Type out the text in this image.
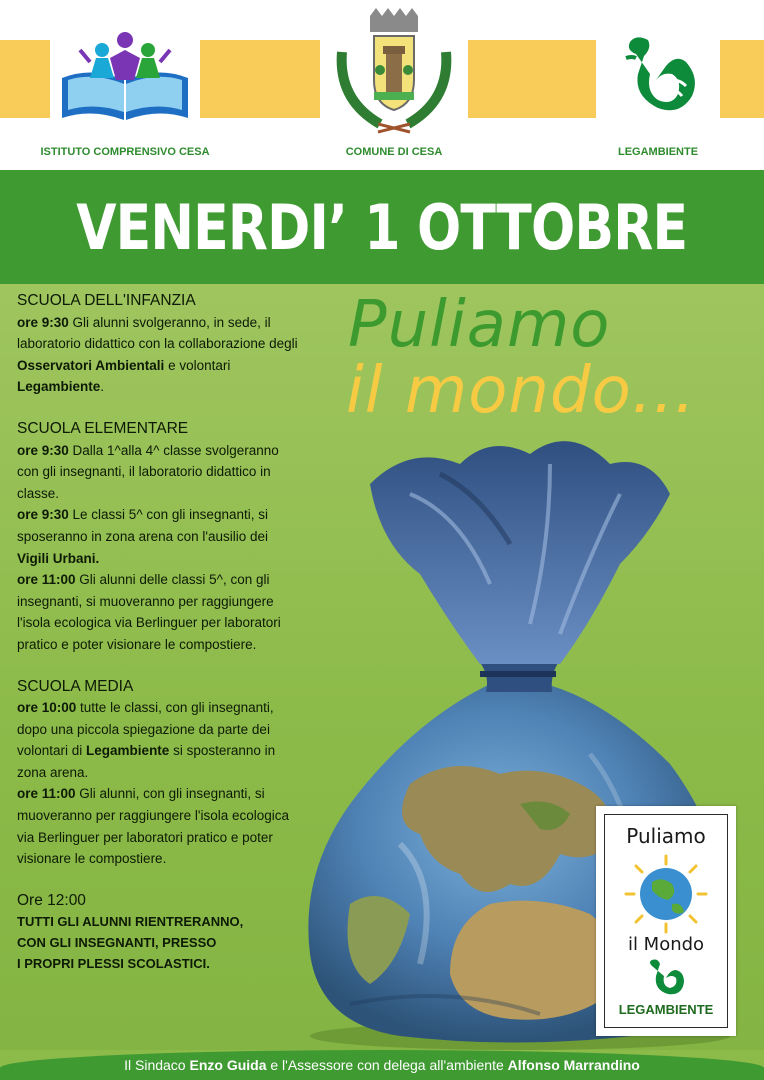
ISTITUTO COMPRENSIVO CESA	COMUNE DI CESA	LEGAMBIENTE
VENERDI’ 1 OTTOBRE
Puliamo
il mondo...
SCUOLA DELL'INFANZIA
ore 9:30 Gli alunni svolgeranno, in sede, il laboratorio didattico con la collaborazione degli Osservatori Ambientali e volontari Legambiente.
SCUOLA ELEMENTARE
ore 9:30 Dalla 1^alla 4^ classe svolgeranno con gli insegnanti, il laboratorio didattico in classe.
ore 9:30 Le classi 5^ con gli insegnanti, si sposeranno in zona arena con l'ausilio dei Vigili Urbani.
ore 11:00 Gli alunni delle classi 5^, con gli insegnanti, si muoveranno per raggiungere l'isola ecologica via Berlinguer per laboratori pratico e poter visionare le compostiere.
SCUOLA MEDIA
ore 10:00 tutte le classi, con gli insegnanti, dopo una piccola spiegazione da parte dei volontari di Legambiente si sposteranno in zona arena.
ore 11:00 Gli alunni, con gli insegnanti, si muoveranno per raggiungere l'isola ecologica via Berlinguer per laboratori pratico e poter visionare le compostiere.
Ore 12:00
TUTTI GLI ALUNNI RIENTRERANNO,
CON GLI INSEGNANTI, PRESSO
I PROPRI PLESSI SCOLASTICI.
Puliamo
il Mondo
LEGAMBIENTE

Il Sindaco Enzo Guida e l'Assessore con delega all'ambiente Alfonso Marrandino
